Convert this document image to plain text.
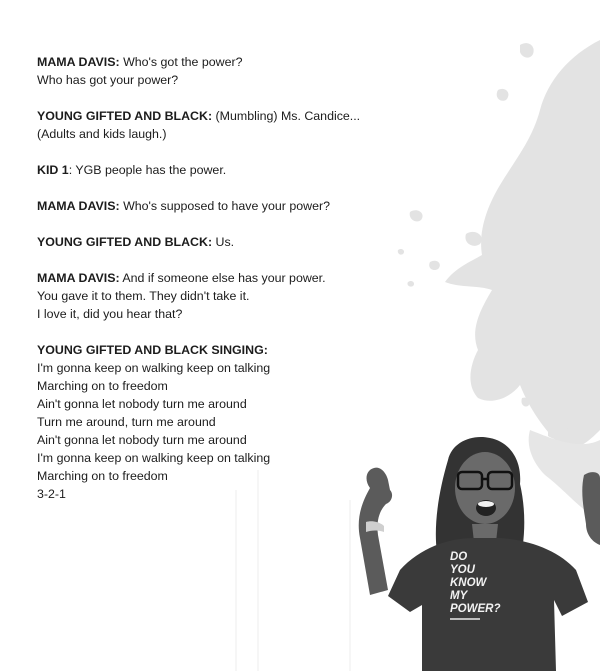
MAMA DAVIS: Who's got the power?
Who has got your power?
YOUNG GIFTED AND BLACK: (Mumbling) Ms. Candice...
(Adults and kids laugh.)
KID 1: YGB people has the power.
MAMA DAVIS: Who's supposed to have your power?
YOUNG GIFTED AND BLACK: Us.
MAMA DAVIS: And if someone else has your power.
You gave it to them. They didn't take it.
I love it, did you hear that?
YOUNG GIFTED AND BLACK SINGING:
I'm gonna keep on walking keep on talking
Marching on to freedom
Ain't gonna let nobody turn me around
Turn me around, turn me around
Ain't gonna let nobody turn me around
I'm gonna keep on walking keep on talking
Marching on to freedom
3-2-1
DO
YOU
KNOW
MY
POWER?
